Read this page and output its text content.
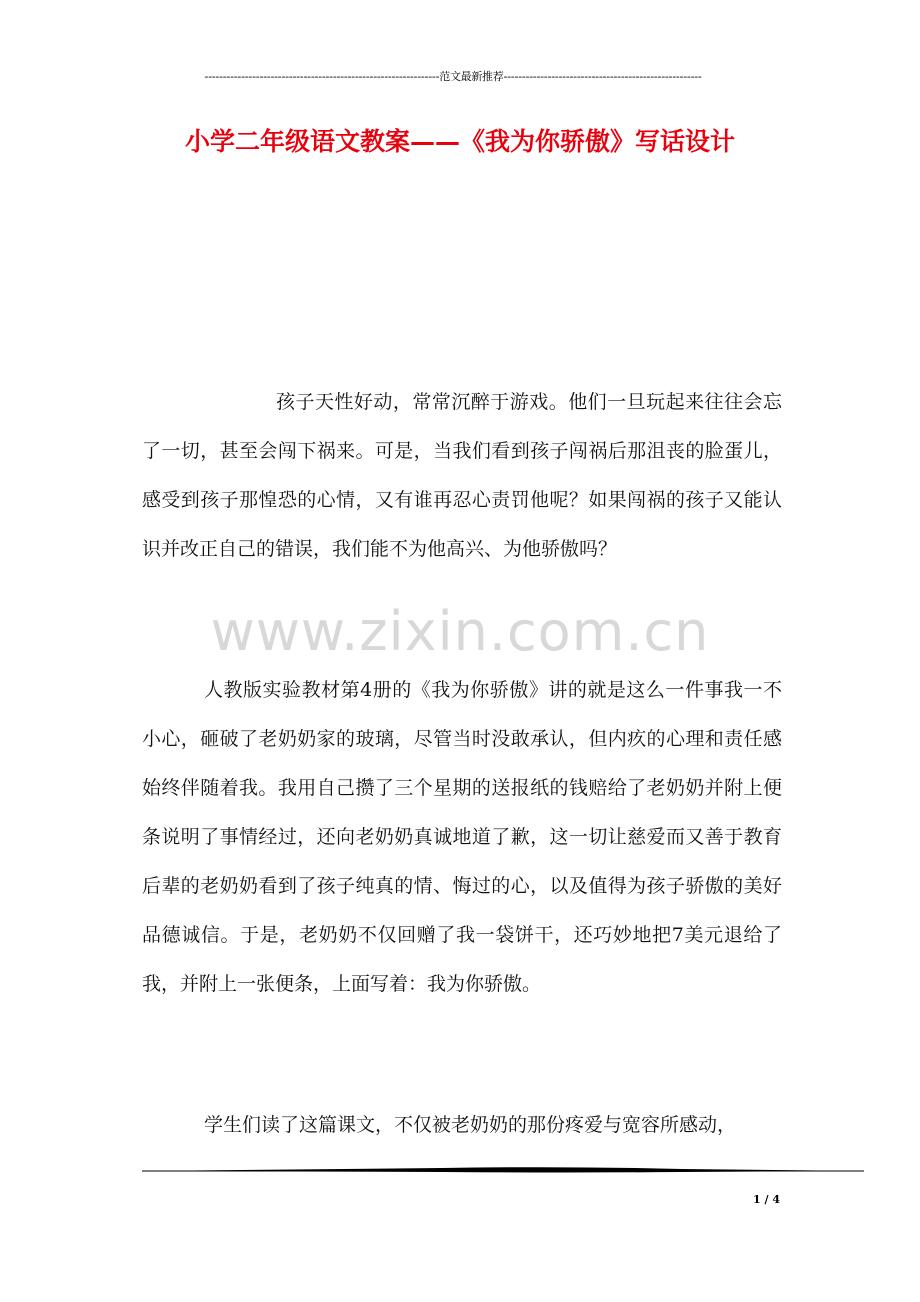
----------------------------------------------------------------范文最新推荐------------------------------------------------------
小学二年级语文教案——《我为你骄傲》写话设计
孩子天性好动，常常沉醉于游戏。他们一旦玩起来往往会忘了一切，甚至会闯下祸来。可是，当我们看到孩子闯祸后那沮丧的脸蛋儿，感受到孩子那惶恐的心情，又有谁再忍心责罚他呢？如果闯祸的孩子又能认识并改正自己的错误，我们能不为他高兴、为他骄傲吗？
www.zixin.com.cn
人教版实验教材第4册的《我为你骄傲》讲的就是这么一件事我一不小心，砸破了老奶奶家的玻璃，尽管当时没敢承认，但内疚的心理和责任感始终伴随着我。我用自己攒了三个星期的送报纸的钱赔给了老奶奶并附上便条说明了事情经过，还向老奶奶真诚地道了歉，这一切让慈爱而又善于教育后辈的老奶奶看到了孩子纯真的情、悔过的心，以及值得为孩子骄傲的美好品德诚信。于是，老奶奶不仅回赠了我一袋饼干，还巧妙地把7美元退给了我，并附上一张便条，上面写着：我为你骄傲。
学生们读了这篇课文，不仅被老奶奶的那份疼爱与宽容所感动，
1 / 4
